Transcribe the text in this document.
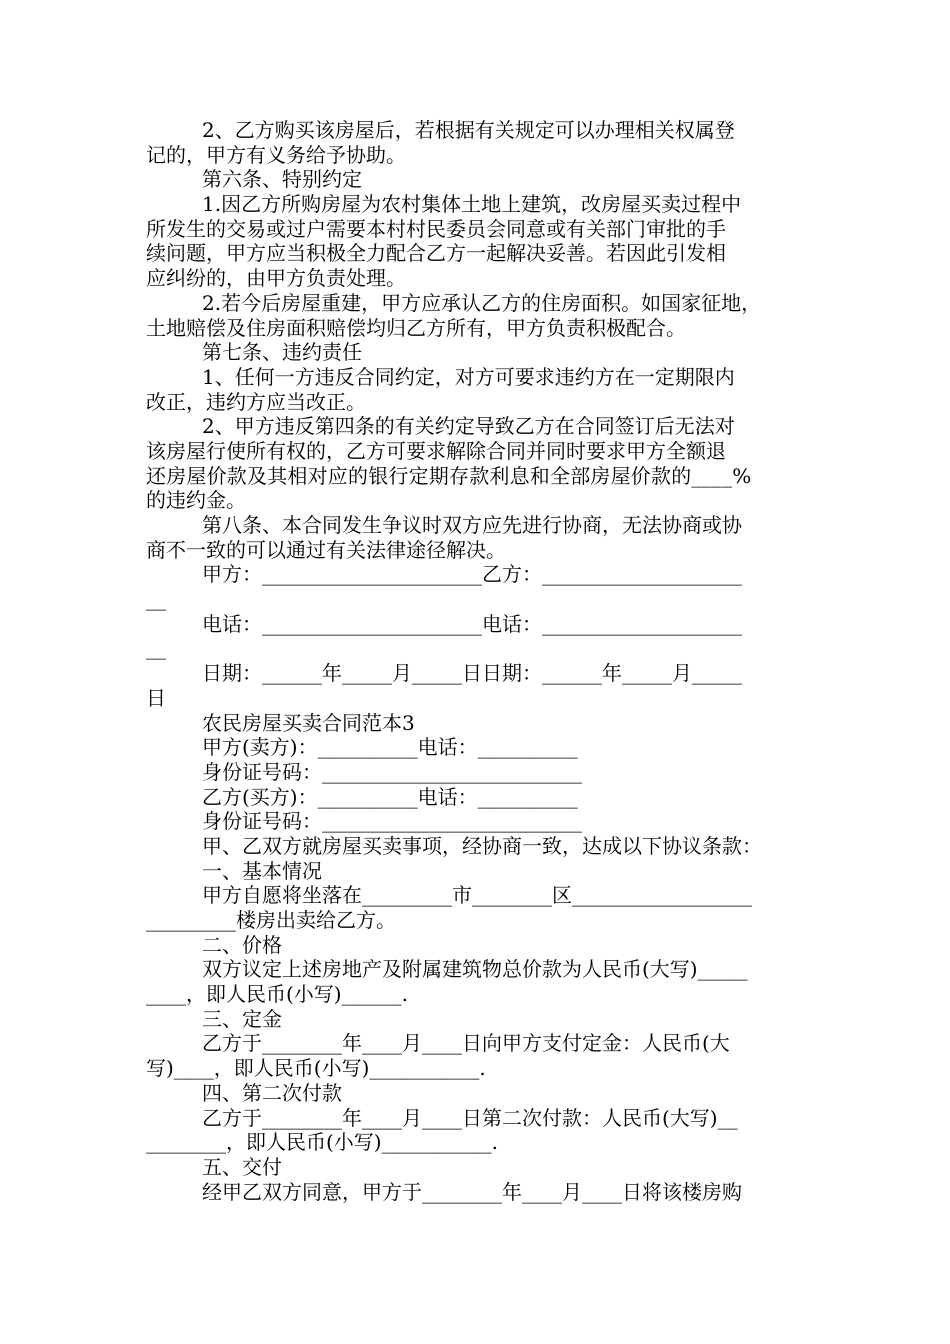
2、乙方购买该房屋后，若根据有关规定可以办理相关权属登
记的，甲方有义务给予协助。
第六条、特别约定
1.因乙方所购房屋为农村集体土地上建筑，改房屋买卖过程中
所发生的交易或过户需要本村村民委员会同意或有关部门审批的手
续问题，甲方应当积极全力配合乙方一起解决妥善。若因此引发相
应纠纷的，由甲方负责处理。
2.若今后房屋重建，甲方应承认乙方的住房面积。如国家征地，
土地赔偿及住房面积赔偿均归乙方所有，甲方负责积极配合。
第七条、违约责任
1、任何一方违反合同约定，对方可要求违约方在一定期限内
改正，违约方应当改正。
2、甲方违反第四条的有关约定导致乙方在合同签订后无法对
该房屋行使所有权的，乙方可要求解除合同并同时要求甲方全额退
还房屋价款及其相对应的银行定期存款利息和全部房屋价款的____%
的违约金。
第八条、本合同发生争议时双方应先进行协商，无法协商或协
商不一致的可以通过有关法律途径解决。
甲方：______________________乙方：____________________
__
电话：______________________电话：____________________
__
日期：______年_____月_____日日期：______年_____月_____
日
农民房屋买卖合同范本3
甲方(卖方)：__________电话：__________
身份证号码：__________________________
乙方(买方)：__________电话：__________
身份证号码：__________________________
甲、乙双方就房屋买卖事项，经协商一致，达成以下协议条款：
一、基本情况
甲方自愿将坐落在_________市________区__________________
_________楼房出卖给乙方。
二、价格
双方议定上述房地产及附属建筑物总价款为人民币(大写)_____
____，即人民币(小写)______.
三、定金
乙方于________年____月____日向甲方支付定金：人民币(大
写)____，即人民币(小写)___________.
四、第二次付款
乙方于________年____月____日第二次付款：人民币(大写)__
________，即人民币(小写)___________.
五、交付
经甲乙双方同意，甲方于________年____月____日将该楼房购
